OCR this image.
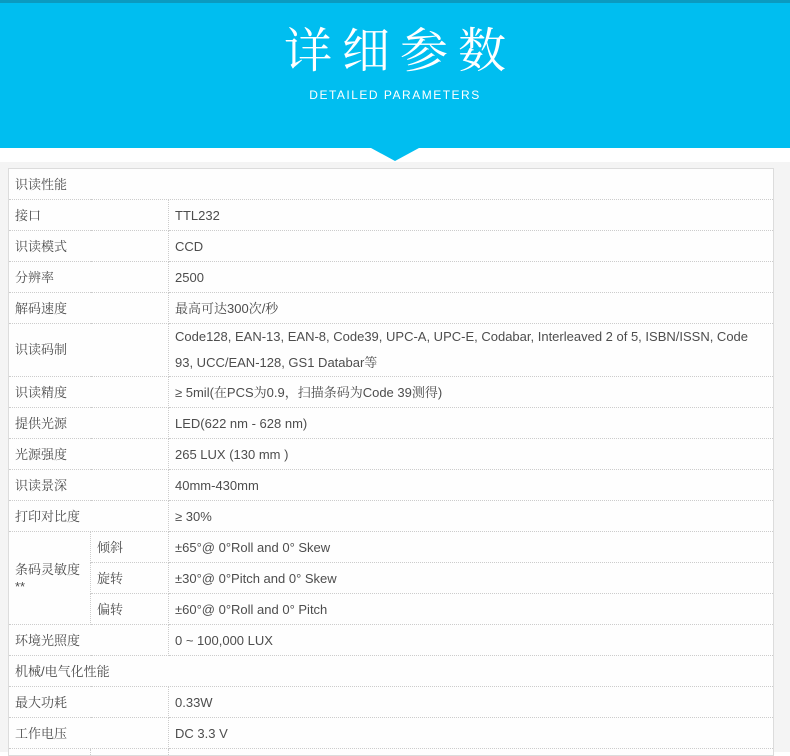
详细参数
DETAILED PARAMETERS
识读性能		
接口		TTL232
识读模式		CCD
分辨率		2500
解码速度		最高可达300次/秒
识读码制		Code128, EAN-13, EAN-8, Code39, UPC-A, UPC-E, Codabar, Interleaved 2 of 5, ISBN/ISSN, Code 93, UCC/EAN-128, GS1 Databar等
识读精度		≥ 5mil(在PCS为0.9，扫描条码为Code 39测得)
提供光源		LED(622 nm - 628 nm)
光源强度		265 LUX (130 mm )
识读景深		40mm-430mm
打印对比度		≥ 30%
条码灵敏度**	倾斜	±65°@ 0°Roll and 0° Skew
	旋转	±30°@ 0°Pitch and 0° Skew
	偏转	±60°@ 0°Roll and 0° Pitch
环境光照度		0 ~ 100,000 LUX
机械/电气化性能		
最大功耗		0.33W
工作电压		DC 3.3 V
